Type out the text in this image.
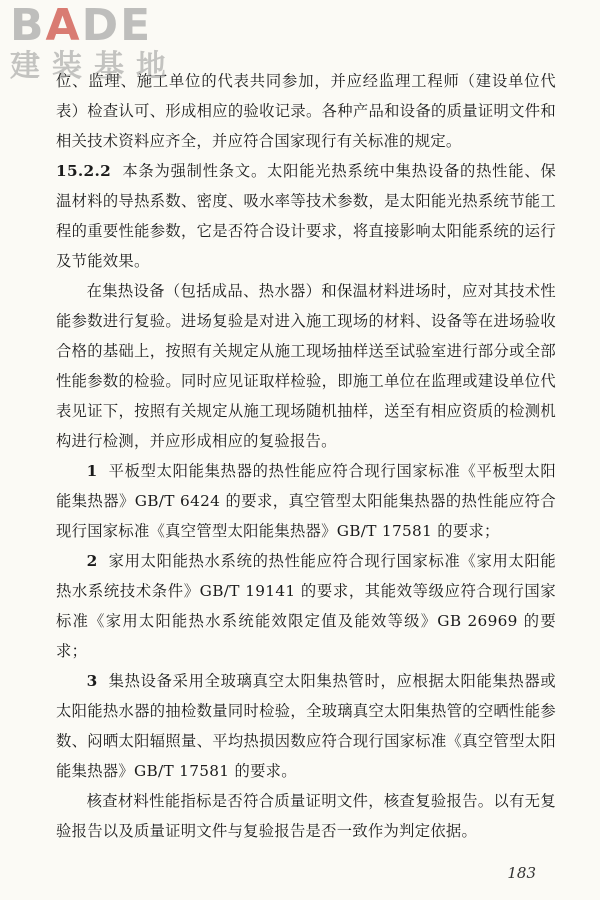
BADE
建装基地

位、监理、施工单位的代表共同参加，并应经监理工程师（建设单位代表）检查认可、形成相应的验收记录。各种产品和设备的质量证明文件和相关技术资料应齐全，并应符合国家现行有关标准的规定。

15.2.2 本条为强制性条文。太阳能光热系统中集热设备的热性能、保温材料的导热系数、密度、吸水率等技术参数，是太阳能光热系统节能工程的重要性能参数，它是否符合设计要求，将直接影响太阳能系统的运行及节能效果。

在集热设备（包括成品、热水器）和保温材料进场时，应对其技术性能参数进行复验。进场复验是对进入施工现场的材料、设备等在进场验收合格的基础上，按照有关规定从施工现场抽样送至试验室进行部分或全部性能参数的检验。同时应见证取样检验，即施工单位在监理或建设单位代表见证下，按照有关规定从施工现场随机抽样，送至有相应资质的检测机构进行检测，并应形成相应的复验报告。

1 平板型太阳能集热器的热性能应符合现行国家标准《平板型太阳能集热器》GB/T 6424 的要求，真空管型太阳能集热器的热性能应符合现行国家标准《真空管型太阳能集热器》GB/T 17581 的要求；

2 家用太阳能热水系统的热性能应符合现行国家标准《家用太阳能热水系统技术条件》GB/T 19141 的要求，其能效等级应符合现行国家标准《家用太阳能热水系统能效限定值及能效等级》GB 26969 的要求；

3 集热设备采用全玻璃真空太阳集热管时，应根据太阳能集热器或太阳能热水器的抽检数量同时检验，全玻璃真空太阳集热管的空晒性能参数、闷晒太阳辐照量、平均热损因数应符合现行国家标准《真空管型太阳能集热器》GB/T 17581 的要求。

核查材料性能指标是否符合质量证明文件，核查复验报告。以有无复验报告以及质量证明文件与复验报告是否一致作为判定依据。

183
